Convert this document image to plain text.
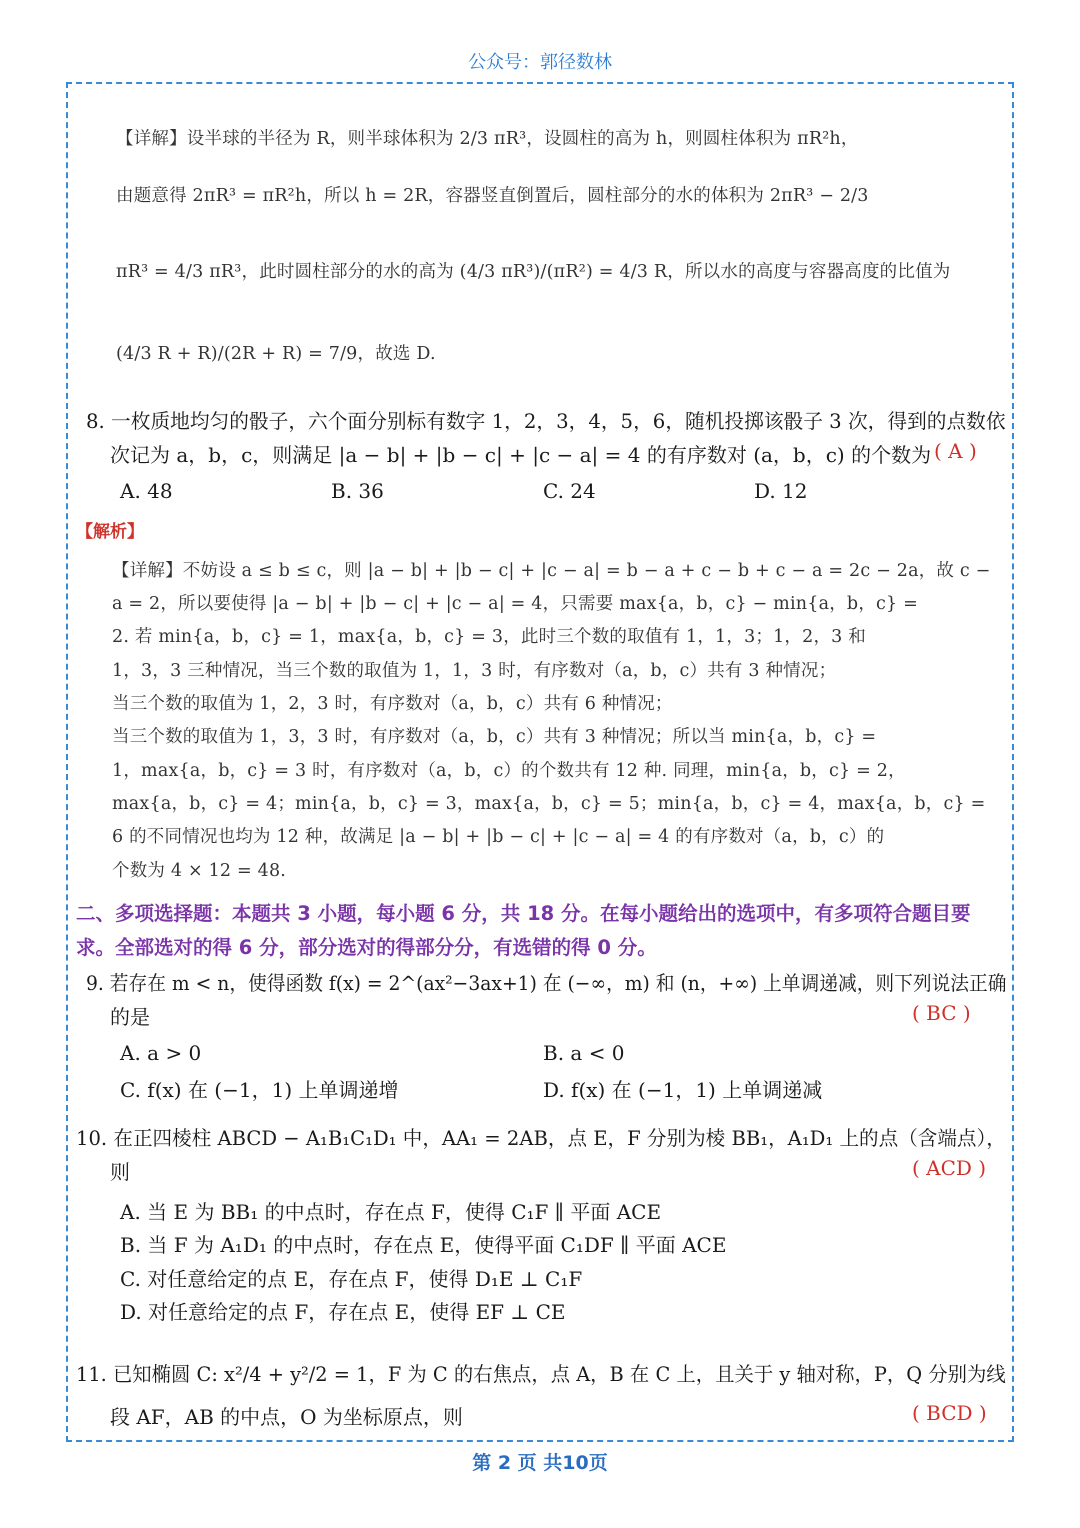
公众号：郭径数林
【详解】设半球的半径为 R，则半球体积为 2/3 πR³，设圆柱的高为 h，则圆柱体积为 πR²h，
由题意得 2πR³ = πR²h，所以 h = 2R，容器竖直倒置后，圆柱部分的水的体积为 2πR³ − 2/3
πR³ = 4/3 πR³，此时圆柱部分的水的高为 (4/3 πR³)/(πR²) = 4/3 R，所以水的高度与容器高度的比值为
(4/3 R + R)/(2R + R) = 7/9，故选 D.
8. 一枚质地均匀的骰子，六个面分别标有数字 1，2，3，4，5，6，随机投掷该骰子 3 次，得到的点数依
次记为 a，b，c，则满足 |a − b| + |b − c| + |c − a| = 4 的有序数对 (a，b，c) 的个数为 ( A )
A. 48	B. 36	C. 24	D. 12
【解析】
【详解】不妨设 a ≤ b ≤ c，则 |a − b| + |b − c| + |c − a| = b − a + c − b + c − a = 2c − 2a，故 c −
a = 2，所以要使得 |a − b| + |b − c| + |c − a| = 4，只需要 max{a，b，c} − min{a，b，c} =
2. 若 min{a，b，c} = 1，max{a，b，c} = 3，此时三个数的取值有 1，1，3；1，2，3 和
1，3，3 三种情况，当三个数的取值为 1，1，3 时，有序数对（a，b，c）共有 3 种情况；
当三个数的取值为 1，2，3 时，有序数对（a，b，c）共有 6 种情况；
当三个数的取值为 1，3，3 时，有序数对（a，b，c）共有 3 种情况；所以当 min{a，b，c} =
1，max{a，b，c} = 3 时，有序数对（a，b，c）的个数共有 12 种. 同理，min{a，b，c} = 2，
max{a，b，c} = 4；min{a，b，c} = 3，max{a，b，c} = 5；min{a，b，c} = 4，max{a，b，c} =
6 的不同情况也均为 12 种，故满足 |a − b| + |b − c| + |c − a| = 4 的有序数对（a，b，c）的
个数为 4 × 12 = 48.
二、多项选择题：本题共 3 小题，每小题 6 分，共 18 分。在每小题给出的选项中，有多项符合题目要
求。全部选对的得 6 分，部分选对的得部分分，有选错的得 0 分。
9. 若存在 m < n，使得函数 f(x) = 2^(ax²−3ax+1) 在 (−∞，m) 和 (n，+∞) 上单调递减，则下列说法正确
的是	( BC )
A. a > 0	B. a < 0
C. f(x) 在 (−1，1) 上单调递增	D. f(x) 在 (−1，1) 上单调递减
10. 在正四棱柱 ABCD − A₁B₁C₁D₁ 中，AA₁ = 2AB，点 E，F 分别为棱 BB₁，A₁D₁ 上的点（含端点），
则	( ACD )
A. 当 E 为 BB₁ 的中点时，存在点 F，使得 C₁F ∥ 平面 ACE
B. 当 F 为 A₁D₁ 的中点时，存在点 E，使得平面 C₁DF ∥ 平面 ACE
C. 对任意给定的点 E，存在点 F，使得 D₁E ⊥ C₁F
D. 对任意给定的点 F，存在点 E，使得 EF ⊥ CE
11. 已知椭圆 C: x²/4 + y²/2 = 1，F 为 C 的右焦点，点 A，B 在 C 上，且关于 y 轴对称，P，Q 分别为线
段 AF，AB 的中点，O 为坐标原点，则	( BCD )
第 2 页 共10页
